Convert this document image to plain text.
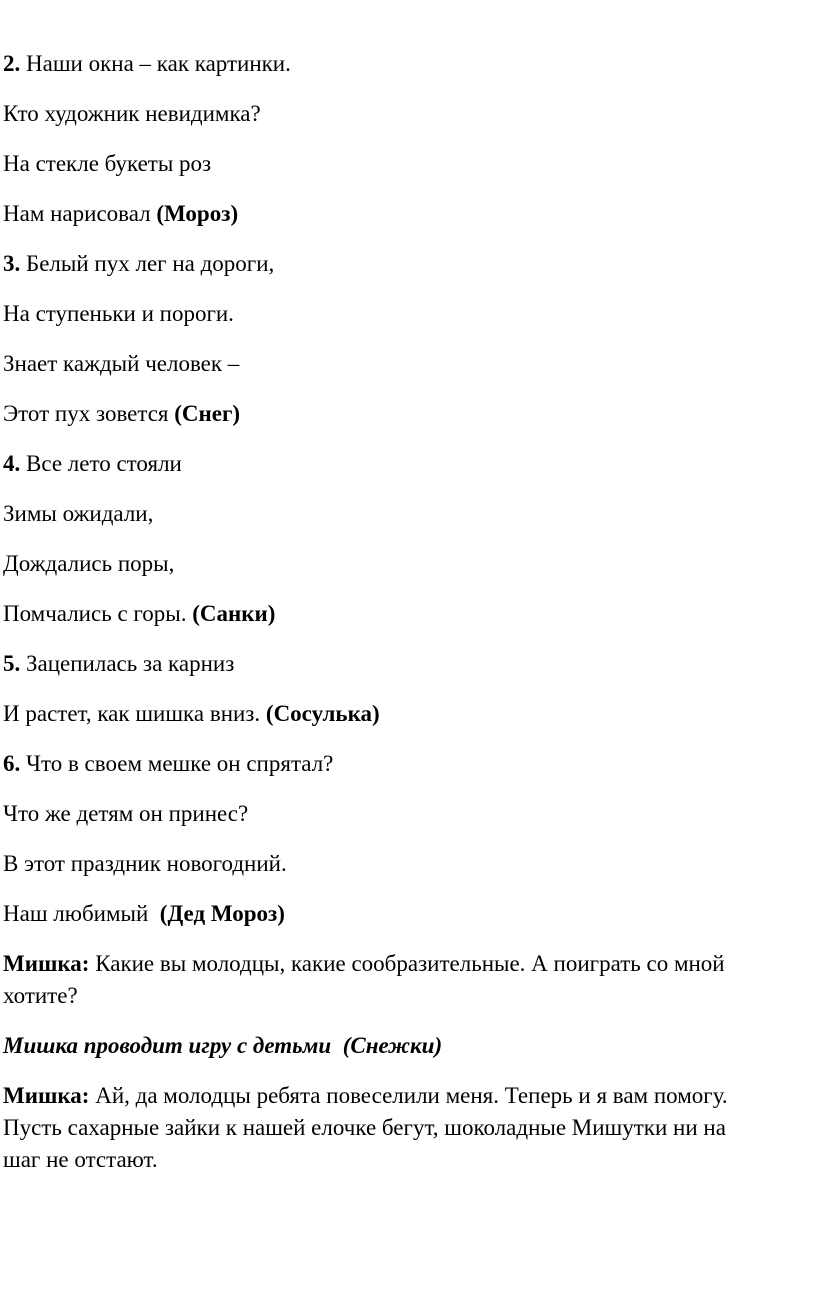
2. Наши окна – как картинки.

Кто художник невидимка?

На стекле букеты роз

Нам нарисовал (Мороз)

3. Белый пух лег на дороги,

На ступеньки и пороги.

Знает каждый человек –

Этот пух зовется (Снег)

4. Все лето стояли

Зимы ожидали,

Дождались поры,

Помчались с горы. (Санки)

5. Зацепилась за карниз

И растет, как шишка вниз. (Сосулька)

6. Что в своем мешке он спрятал?

Что же детям он принес?

В этот праздник новогодний.

Наш любимый  (Дед Мороз)

Мишка: Какие вы молодцы, какие сообразительные. А поиграть со мной
хотите?

Мишка проводит игру с детьми  (Снежки)

Мишка: Ай, да молодцы ребята повеселили меня. Теперь и я вам помогу.
Пусть сахарные зайки к нашей елочке бегут, шоколадные Мишутки ни на
шаг не отстают.
